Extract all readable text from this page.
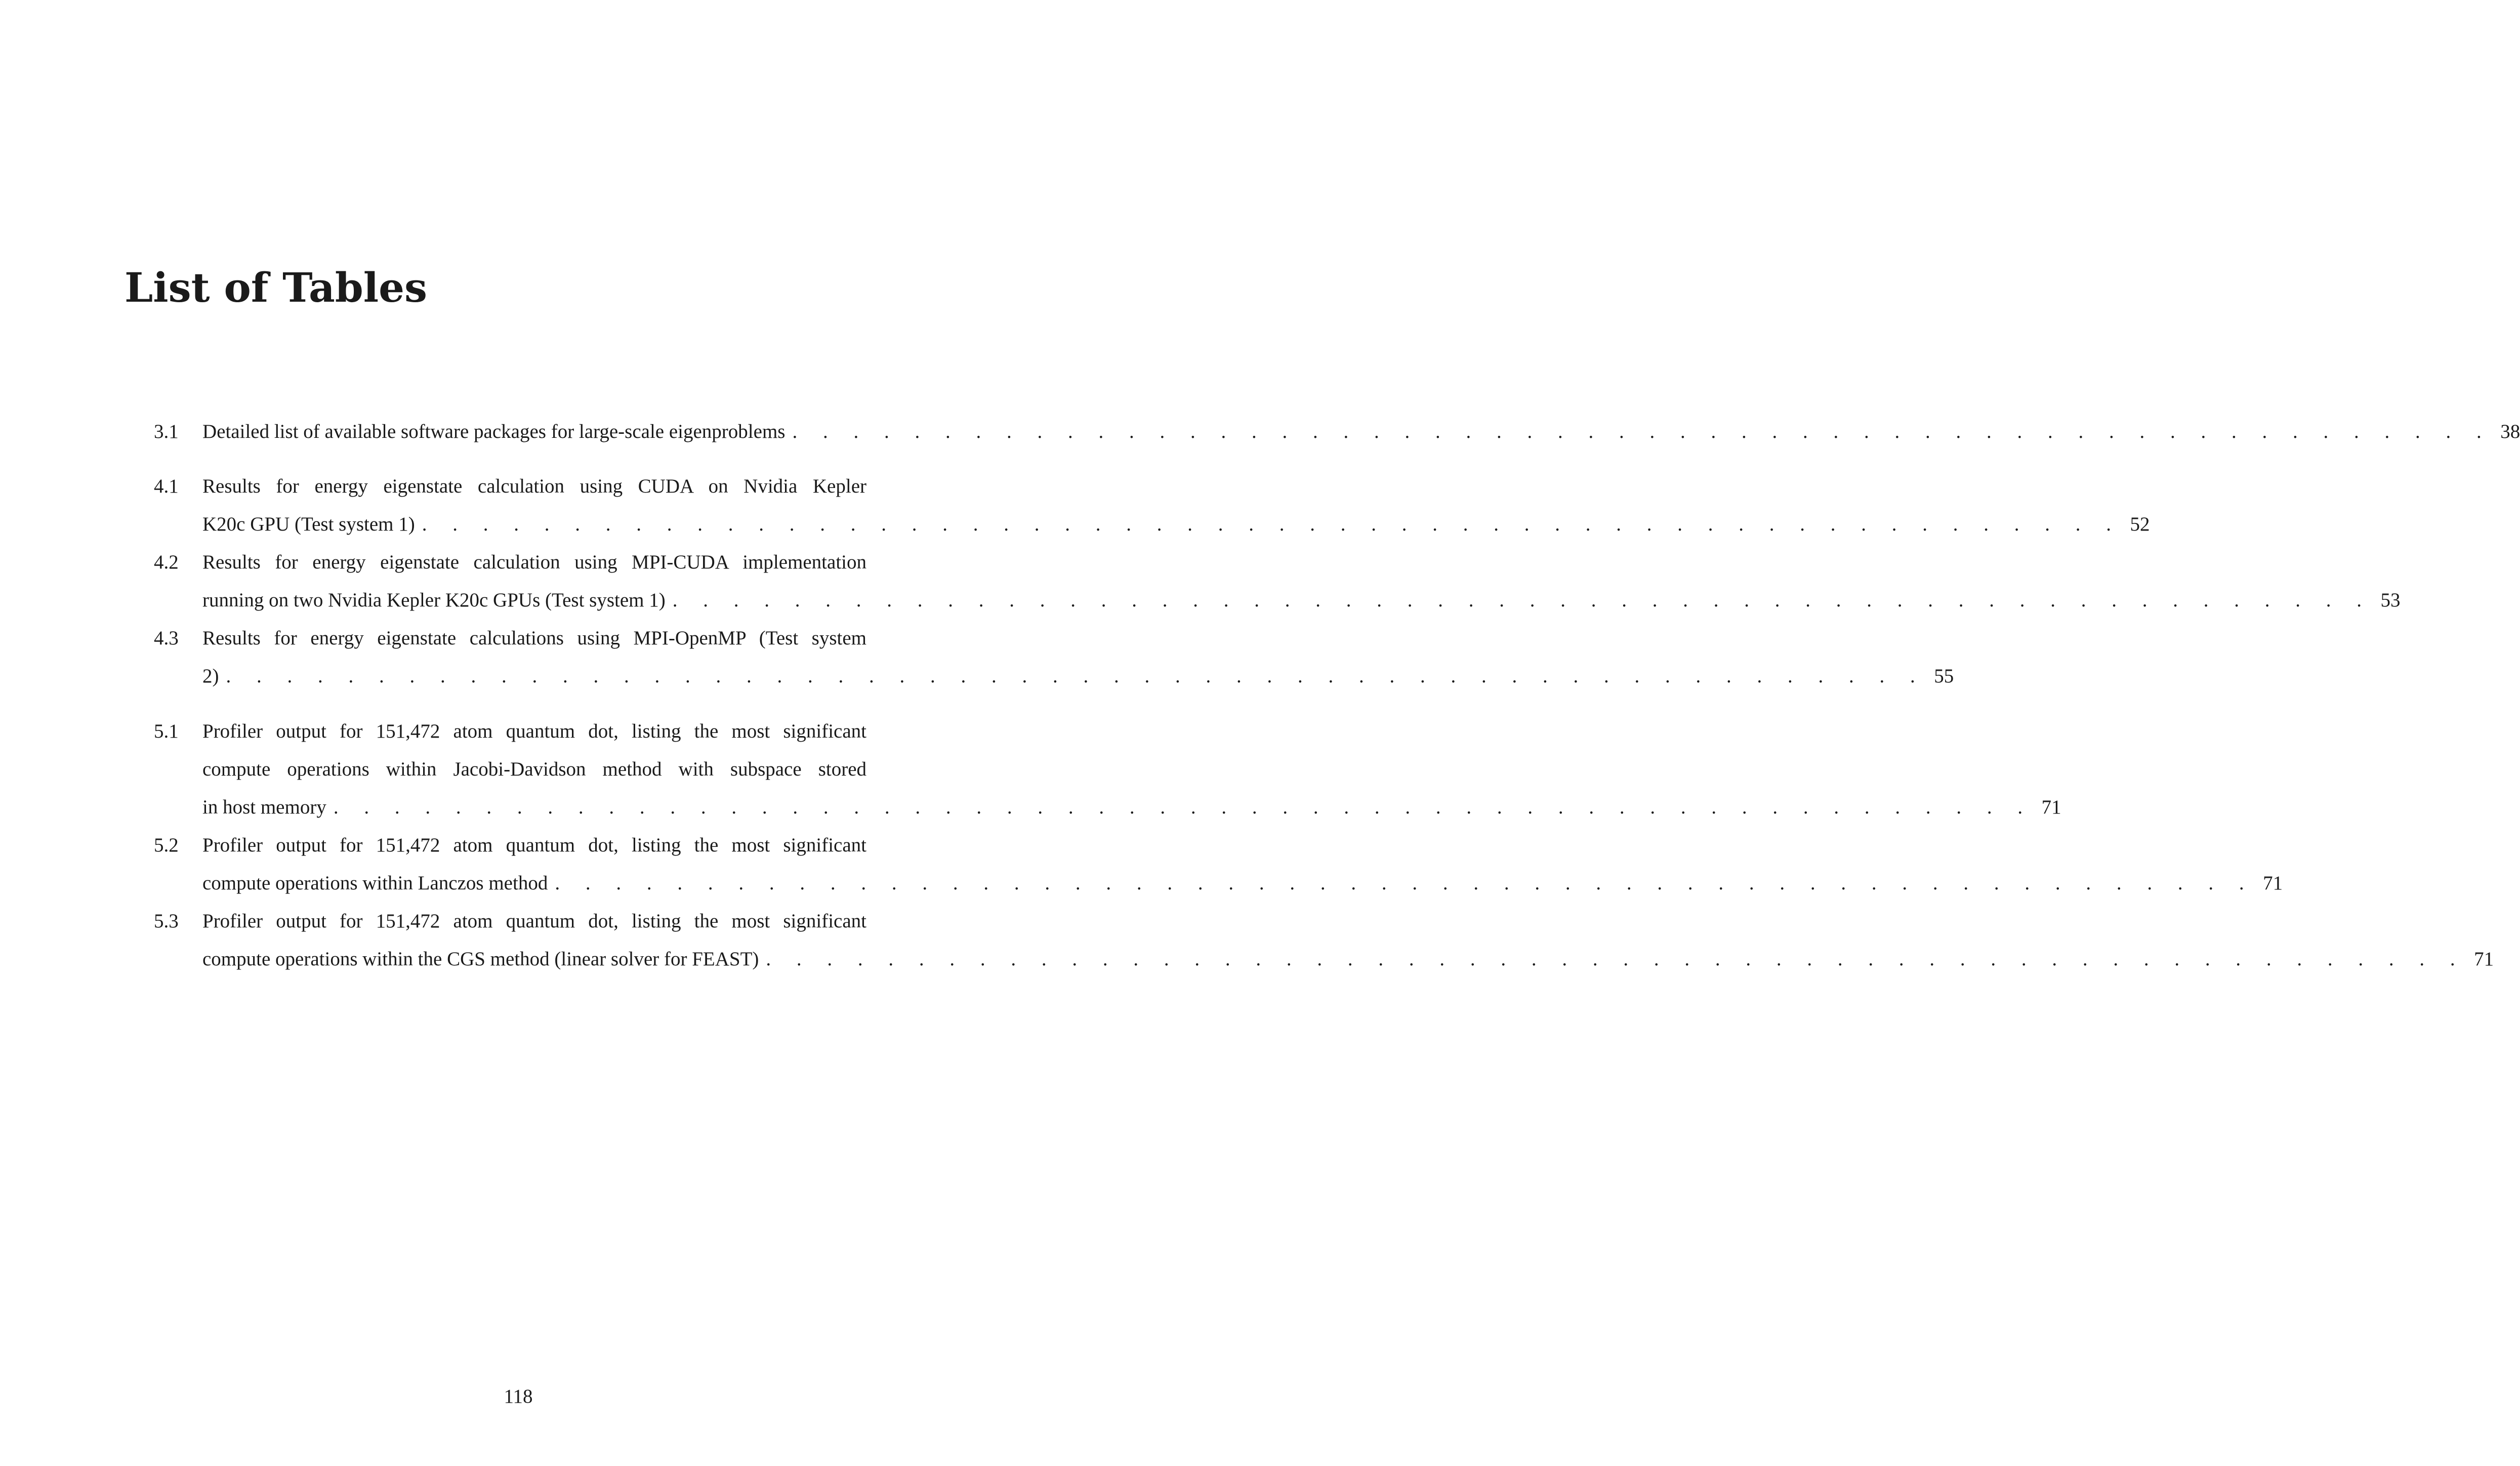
List of Tables
3.1 Detailed list of available software packages for large-scale eigenproblems . . . . . . . . . . . . . . . . . . . . . . . . . . . . . . . . . . . . . . . . . . . . . . . . . . . . . . . . 38
4.1 Results for energy eigenstate calculation using CUDA on Nvidia Kepler
K20c GPU (Test system 1) . . . . . . . . . . . . . . . . . . . . . . . . . . . . . . . . . . . . . . . . . . . . . . . . . . . . . . . . 52
4.2 Results for energy eigenstate calculation using MPI-CUDA implementation
running on two Nvidia Kepler K20c GPUs (Test system 1) . . . . . . . . . . . . . . . . . . . . . . . . . . . . . . . . . . . . . . . . . . . . . . . . . . . . . . . . 53
4.3 Results for energy eigenstate calculations using MPI-OpenMP (Test system
2) . . . . . . . . . . . . . . . . . . . . . . . . . . . . . . . . . . . . . . . . . . . . . . . . . . . . . . . . 55
5.1 Profiler output for 151,472 atom quantum dot, listing the most significant
compute operations within Jacobi-Davidson method with subspace stored
in host memory . . . . . . . . . . . . . . . . . . . . . . . . . . . . . . . . . . . . . . . . . . . . . . . . . . . . . . . . 71
5.2 Profiler output for 151,472 atom quantum dot, listing the most significant
compute operations within Lanczos method . . . . . . . . . . . . . . . . . . . . . . . . . . . . . . . . . . . . . . . . . . . . . . . . . . . . . . . . 71
5.3 Profiler output for 151,472 atom quantum dot, listing the most significant
compute operations within the CGS method (linear solver for FEAST) . . . . . . . . . . . . . . . . . . . . . . . . . . . . . . . . . . . . . . . . . . . . . . . . . . . . . . . . 71
118
